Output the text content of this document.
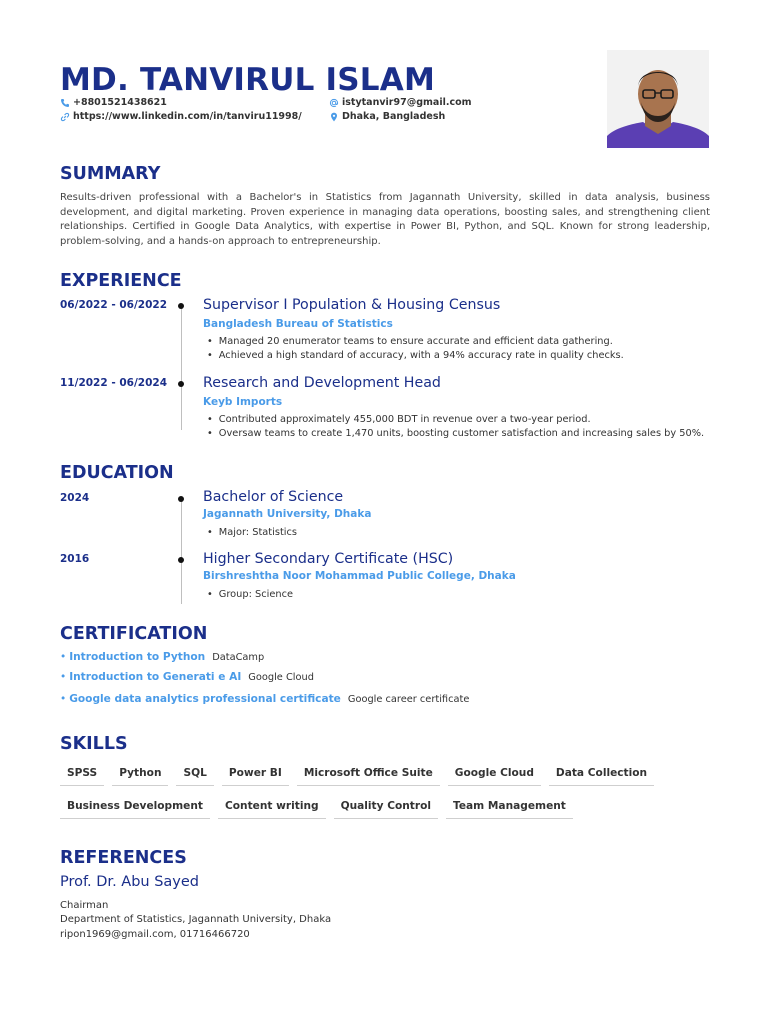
MD. TANVIRUL ISLAM
+8801521438621	istytanvir97@gmail.com
https://www.linkedin.com/in/tanviru11998/	Dhaka, Bangladesh
SUMMARY
Results-driven professional with a Bachelor's in Statistics from Jagannath University, skilled in data analysis, business development, and digital marketing. Proven experience in managing data operations, boosting sales, and strengthening client relationships. Certified in Google Data Analytics, with expertise in Power BI, Python, and SQL. Known for strong leadership, problem-solving, and a hands-on approach to entrepreneurship.
EXPERIENCE
06/2022 - 06/2022	Supervisor I Population & Housing Census
Bangladesh Bureau of Statistics
• Managed 20 enumerator teams to ensure accurate and efficient data gathering.
• Achieved a high standard of accuracy, with a 94% accuracy rate in quality checks.
11/2022 - 06/2024	Research and Development Head
Keyb Imports
• Contributed approximately 455,000 BDT in revenue over a two-year period.
• Oversaw teams to create 1,470 units, boosting customer satisfaction and increasing sales by 50%.
EDUCATION
2024	Bachelor of Science
Jagannath University, Dhaka
• Major: Statistics
2016	Higher Secondary Certificate (HSC)
Birshreshtha Noor Mohammad Public College, Dhaka
• Group: Science
CERTIFICATION
• Introduction to Python DataCamp
• Introduction to Generati e AI Google Cloud
• Google data analytics professional certificate Google career certificate
SKILLS
SPSS	Python	SQL	Power BI	Microsoft Office Suite	Google Cloud	Data Collection
Business Development	Content writing	Quality Control	Team Management
REFERENCES
Prof. Dr. Abu Sayed
Chairman
Department of Statistics, Jagannath University, Dhaka
ripon1969@gmail.com, 01716466720
